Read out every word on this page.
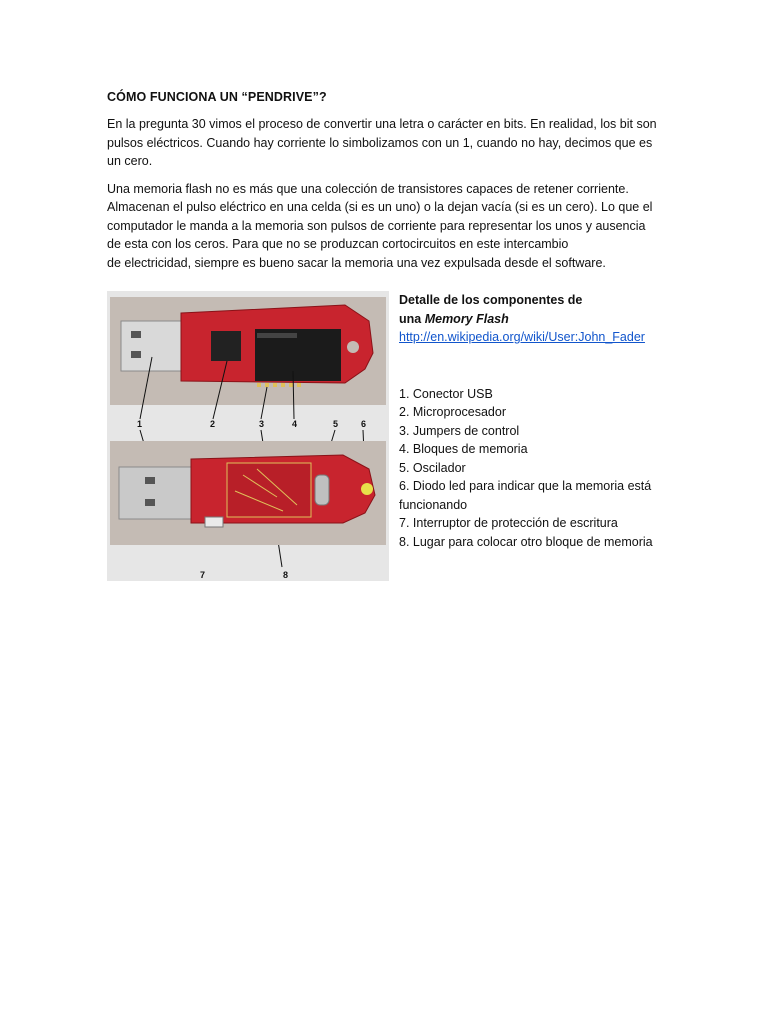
CÓMO FUNCIONA UN “PENDRIVE”?

En la pregunta 30 vimos el proceso de convertir una letra o carácter en bits. En realidad, los bit son
pulsos eléctricos. Cuando hay corriente lo simbolizamos con un 1, cuando no hay, decimos que es
un cero.

Una memoria flash no es más que una colección de transistores capaces de retener corriente.
Almacenan el pulso eléctrico en una celda (si es un uno) o la dejan vacía (si es un cero). Lo que el
computador le manda a la memoria son pulsos de corriente para representar los unos y ausencia
de esta con los ceros. Para que no se produzcan cortocircuitos en este intercambio
de electricidad, siempre es bueno sacar la memoria una vez expulsada desde el software.

1	2	3	4	5	6
7	8
Detalle de los componentes de
una Memory Flash
http://en.wikipedia.org/wiki/User:John_Fader
1. Conector USB
2. Microprocesador
3. Jumpers de control
4. Bloques de memoria
5. Oscilador
6. Diodo led para indicar que la memoria está
funcionando
7. Interruptor de protección de escritura
8. Lugar para colocar otro bloque de memoria
